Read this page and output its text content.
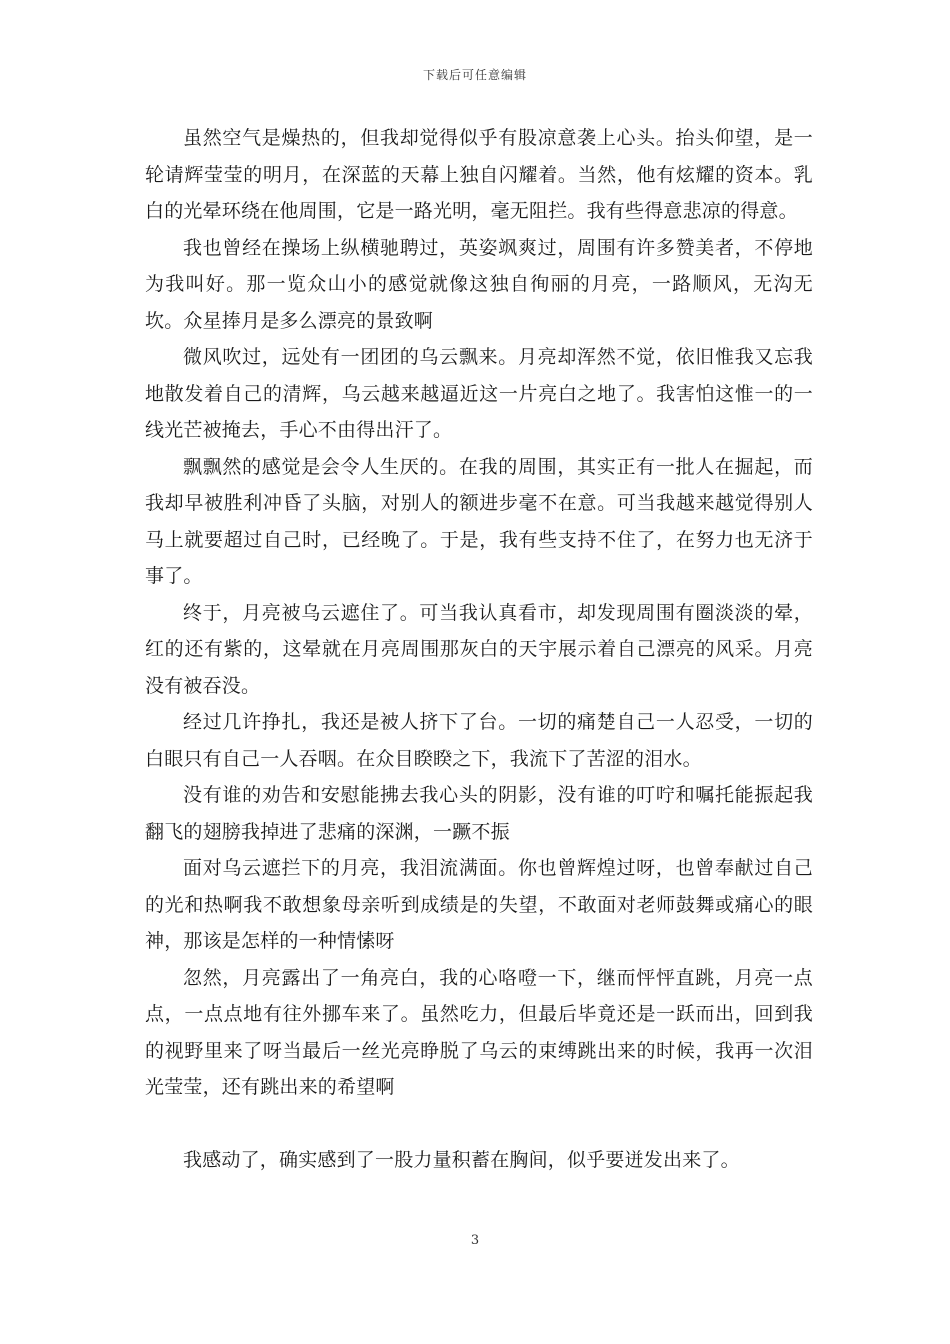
下载后可任意编辑

虽然空气是燥热的，但我却觉得似乎有股凉意袭上心头。抬头仰望，是一轮请辉莹莹的明月，在深蓝的天幕上独自闪耀着。当然，他有炫耀的资本。乳白的光晕环绕在他周围，它是一路光明，毫无阻拦。我有些得意悲凉的得意。

我也曾经在操场上纵横驰聘过，英姿飒爽过，周围有许多赞美者，不停地为我叫好。那一览众山小的感觉就像这独自徇丽的月亮，一路顺风，无沟无坎。众星捧月是多么漂亮的景致啊

微风吹过，远处有一团团的乌云飘来。月亮却浑然不觉，依旧惟我又忘我地散发着自己的清辉，乌云越来越逼近这一片亮白之地了。我害怕这惟一的一线光芒被掩去，手心不由得出汗了。

飘飘然的感觉是会令人生厌的。在我的周围，其实正有一批人在掘起，而我却早被胜利冲昏了头脑，对别人的额进步毫不在意。可当我越来越觉得别人马上就要超过自己时，已经晚了。于是，我有些支持不住了，在努力也无济于事了。

终于，月亮被乌云遮住了。可当我认真看市，却发现周围有圈淡淡的晕，红的还有紫的，这晕就在月亮周围那灰白的天宇展示着自己漂亮的风采。月亮没有被吞没。

经过几许挣扎，我还是被人挤下了台。一切的痛楚自己一人忍受，一切的白眼只有自己一人吞咽。在众目睽睽之下，我流下了苦涩的泪水。

没有谁的劝告和安慰能拂去我心头的阴影，没有谁的叮咛和嘱托能振起我翻飞的翅膀我掉进了悲痛的深渊，一蹶不振

面对乌云遮拦下的月亮，我泪流满面。你也曾辉煌过呀，也曾奉献过自己的光和热啊我不敢想象母亲听到成绩是的失望，不敢面对老师鼓舞或痛心的眼神，那该是怎样的一种情愫呀

忽然，月亮露出了一角亮白，我的心咯噔一下，继而怦怦直跳，月亮一点点，一点点地有往外挪车来了。虽然吃力，但最后毕竟还是一跃而出，回到我的视野里来了呀当最后一丝光亮睁脱了乌云的束缚跳出来的时候，我再一次泪光莹莹，还有跳出来的希望啊

我感动了，确实感到了一股力量积蓄在胸间，似乎要迸发出来了。

3
